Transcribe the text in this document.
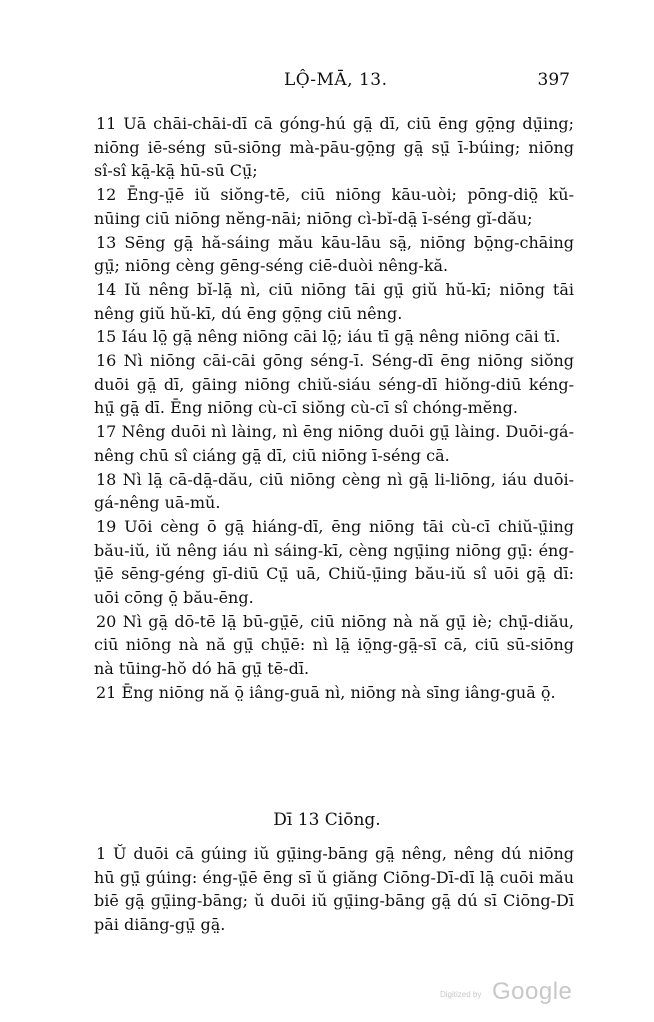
LỘ-MĀ, 13.	397

11 Uā chāi-chāi-dī cā góng-hú gā̤ dī, ciū ēng gō̤ng dṳ̄ing; niōng iē-séng sū-siōng mà-pāu-gō̤ng gā̤ sṳ̄ ī-búing; niōng sî-sî kā̤-kā̤ hū-sū Cṳ̄;

12 Ēng-ṳ̄ē iŭ siŏng-tē, ciū niōng kāu-uòi; pōng-diō̤ kŭ-nūing ciū niōng nĕng-nāi; niōng cì-bĭ-dā̤ ī-séng gĭ-dău;

13 Sēng gā̤ hă-sáing mău kāu-lāu sā̤, niōng bō̤ng-chāing gṳ̄; niōng cèng gēng-séng ciē-duòi nêng-kă.

14 Iŭ nêng bĭ-lā̤ nì, ciū niōng tāi gṳ̄ giŭ hŭ-kī; niōng tāi nêng giŭ hŭ-kī, dú ēng gō̤ng ciū nêng.

15 Iáu lō̤ gā̤ nêng niōng cāi lō̤; iáu tī gā̤ nêng niōng cāi tī.

16 Nì niōng cāi-cāi gōng séng-ī. Séng-dī ēng niōng siŏng duōi gā̤ dī, gāing niōng chiŭ-siáu séng-dī hiŏng-diū kéng-hṳ̄ gā̤ dī. Ēng niōng cù-cī siŏng cù-cī sî chóng-mĕng.

17 Nêng duōi nì làing, nì ēng niōng duōi gṳ̄ làing. Duōi-gá-nêng chū sî ciáng gā̤ dī, ciū niōng ī-séng cā.

18 Nì lā̤ cā-dā̤-dău, ciū niōng cèng nì gā̤ li-liōng, iáu duōi-gá-nêng uā-mŭ.

19 Uōi cèng ō gā̤ hiáng-dī, ēng niōng tāi cù-cī chiŭ-ṳ̄ing bău-iŭ, iŭ nêng iáu nì sáing-kī, cèng ngṳ̄ing niōng gṳ̄: éng-ṳ̄ē sēng-géng gī-diū Cṳ̄ uā, Chiŭ-ṳ̄ing bău-iŭ sî uōi gā̤ dī: uōi cōng ō̤ bău-ēng.

20 Nì gā̤ dō-tē lā̤ bū-gṳ̄ē, ciū niōng nà nă gṳ̄ iè; chṳ̄-diău, ciū niōng nà nă gṳ̄ chṳ̄ē: nì lā̤ iō̤ng-gā̤-sī cā, ciū sū-siōng nà tūing-hŏ dó hā gṳ̄ tē-dī.

21 Ēng niōng nă ō̤ iâng-guā nì, niōng nà sīng iâng-guā ō̤.

Dī 13 Ciōng.

1 Ŭ duōi cā gúing iŭ gṳ̄ing-bāng gā̤ nêng, nêng dú niōng hū gṳ̄ gúing: éng-ṳ̄ē ēng sī ŭ giăng Ciōng-Dī-dī lā̤ cuōi mău biē gā̤ gṳ̄ing-bāng; ŭ duōi iŭ gṳ̄ing-bāng gā̤ dú sī Ciōng-Dī pāi diāng-gṳ̄ gā̤.

Digitized by Google
